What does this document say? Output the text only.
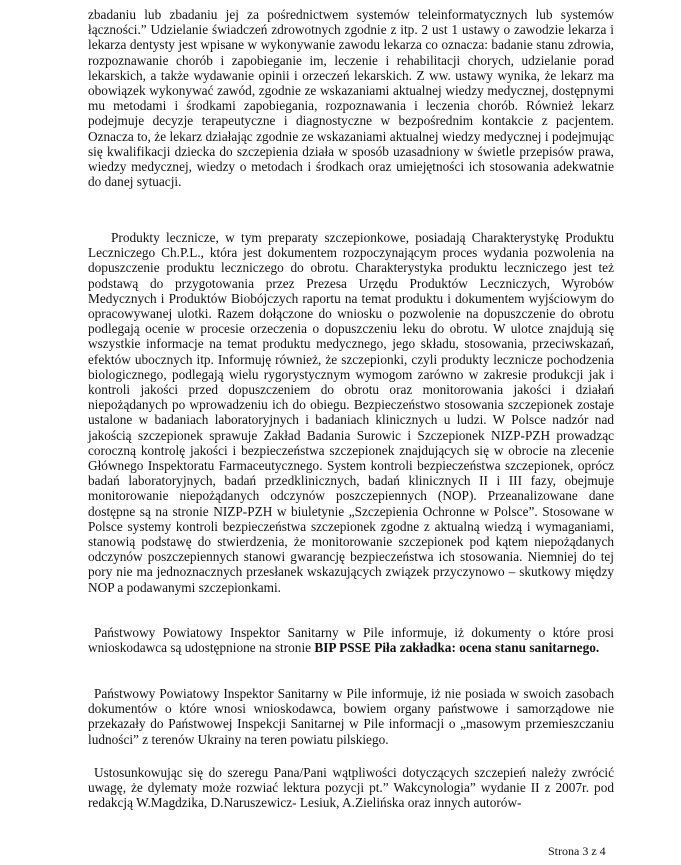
zbadaniu lub zbadaniu jej za pośrednictwem systemów teleinformatycznych lub systemów łączności.” Udzielanie świadczeń zdrowotnych zgodnie z itp. 2 ust 1 ustawy o zawodzie lekarza i lekarza dentysty jest wpisane w wykonywanie zawodu lekarza co oznacza: badanie stanu zdrowia, rozpoznawanie chorób i zapobieganie im, leczenie i rehabilitacji chorych, udzielanie porad lekarskich, a także wydawanie opinii i orzeczeń lekarskich. Z ww. ustawy wynika, że lekarz ma obowiązek wykonywać zawód, zgodnie ze wskazaniami aktualnej wiedzy medycznej, dostępnymi mu metodami i środkami zapobiegania, rozpoznawania i leczenia chorób. Również lekarz podejmuje decyzje terapeutyczne i diagnostyczne w bezpośrednim kontakcie z pacjentem. Oznacza to, że lekarz działając zgodnie ze wskazaniami aktualnej wiedzy medycznej i podejmując się kwalifikacji dziecka do szczepienia działa w sposób uzasadniony w świetle przepisów prawa, wiedzy medycznej, wiedzy o metodach i środkach oraz umiejętności ich stosowania adekwatnie do danej sytuacji.

Produkty lecznicze, w tym preparaty szczepionkowe, posiadają Charakterystykę Produktu Leczniczego Ch.P.L., która jest dokumentem rozpoczynającym proces wydania pozwolenia na dopuszczenie produktu leczniczego do obrotu. Charakterystyka produktu leczniczego jest też podstawą do przygotowania przez Prezesa Urzędu Produktów Leczniczych, Wyrobów Medycznych i Produktów Biobójczych raportu na temat produktu i dokumentem wyjściowym do opracowywanej ulotki. Razem dołączone do wniosku o pozwolenie na dopuszczenie do obrotu podlegają ocenie w procesie orzeczenia o dopuszczeniu leku do obrotu. W ulotce znajdują się wszystkie informacje na temat produktu medycznego, jego składu, stosowania, przeciwskazań, efektów ubocznych itp. Informuję również, że szczepionki, czyli produkty lecznicze pochodzenia biologicznego, podlegają wielu rygorystycznym wymogom zarówno w zakresie produkcji jak i kontroli jakości przed dopuszczeniem do obrotu oraz monitorowania jakości i działań niepożądanych po wprowadzeniu ich do obiegu. Bezpieczeństwo stosowania szczepionek zostaje ustalone w badaniach laboratoryjnych i badaniach klinicznych u ludzi. W Polsce nadzór nad jakością szczepionek sprawuje Zakład Badania Surowic i Szczepionek NIZP-PZH prowadząc coroczną kontrolę jakości i bezpieczeństwa szczepionek znajdujących się w obrocie na zlecenie Głównego Inspektoratu Farmaceutycznego. System kontroli bezpieczeństwa szczepionek, oprócz badań laboratoryjnych, badań przedklinicznych, badań klinicznych II i III fazy, obejmuje monitorowanie niepożądanych odczynów poszczepiennych (NOP). Przeanalizowane dane dostępne są na stronie NIZP-PZH w biuletynie „Szczepienia Ochronne w Polsce”. Stosowane w Polsce systemy kontroli bezpieczeństwa szczepionek zgodne z aktualną wiedzą i wymaganiami, stanowią podstawę do stwierdzenia, że monitorowanie szczepionek pod kątem niepożądanych odczynów poszczepiennych stanowi gwarancję bezpieczeństwa ich stosowania. Niemniej do tej pory nie ma jednoznacznych przesłanek wskazujących związek przyczynowo – skutkowy między NOP a podawanymi szczepionkami.

Państwowy Powiatowy Inspektor Sanitarny w Pile informuje, iż dokumenty o które prosi wnioskodawca są udostępnione na stronie BIP PSSE Piła zakładka: ocena stanu sanitarnego.

Państwowy Powiatowy Inspektor Sanitarny w Pile informuje, iż nie posiada w swoich zasobach dokumentów o które wnosi wnioskodawca, bowiem organy państwowe i samorządowe nie przekazały do Państwowej Inspekcji Sanitarnej w Pile informacji o „masowym przemieszczaniu ludności” z terenów Ukrainy na teren powiatu pilskiego.

Ustosunkowując się do szeregu Pana/Pani wątpliwości dotyczących szczepień należy zwrócić uwagę, że dylematy może rozwiać lektura pozycji pt.” Wakcynologia” wydanie II z 2007r. pod redakcją W.Magdzika, D.Naruszewicz- Lesiuk, A.Zielińska oraz innych autorów-

Strona 3 z 4
